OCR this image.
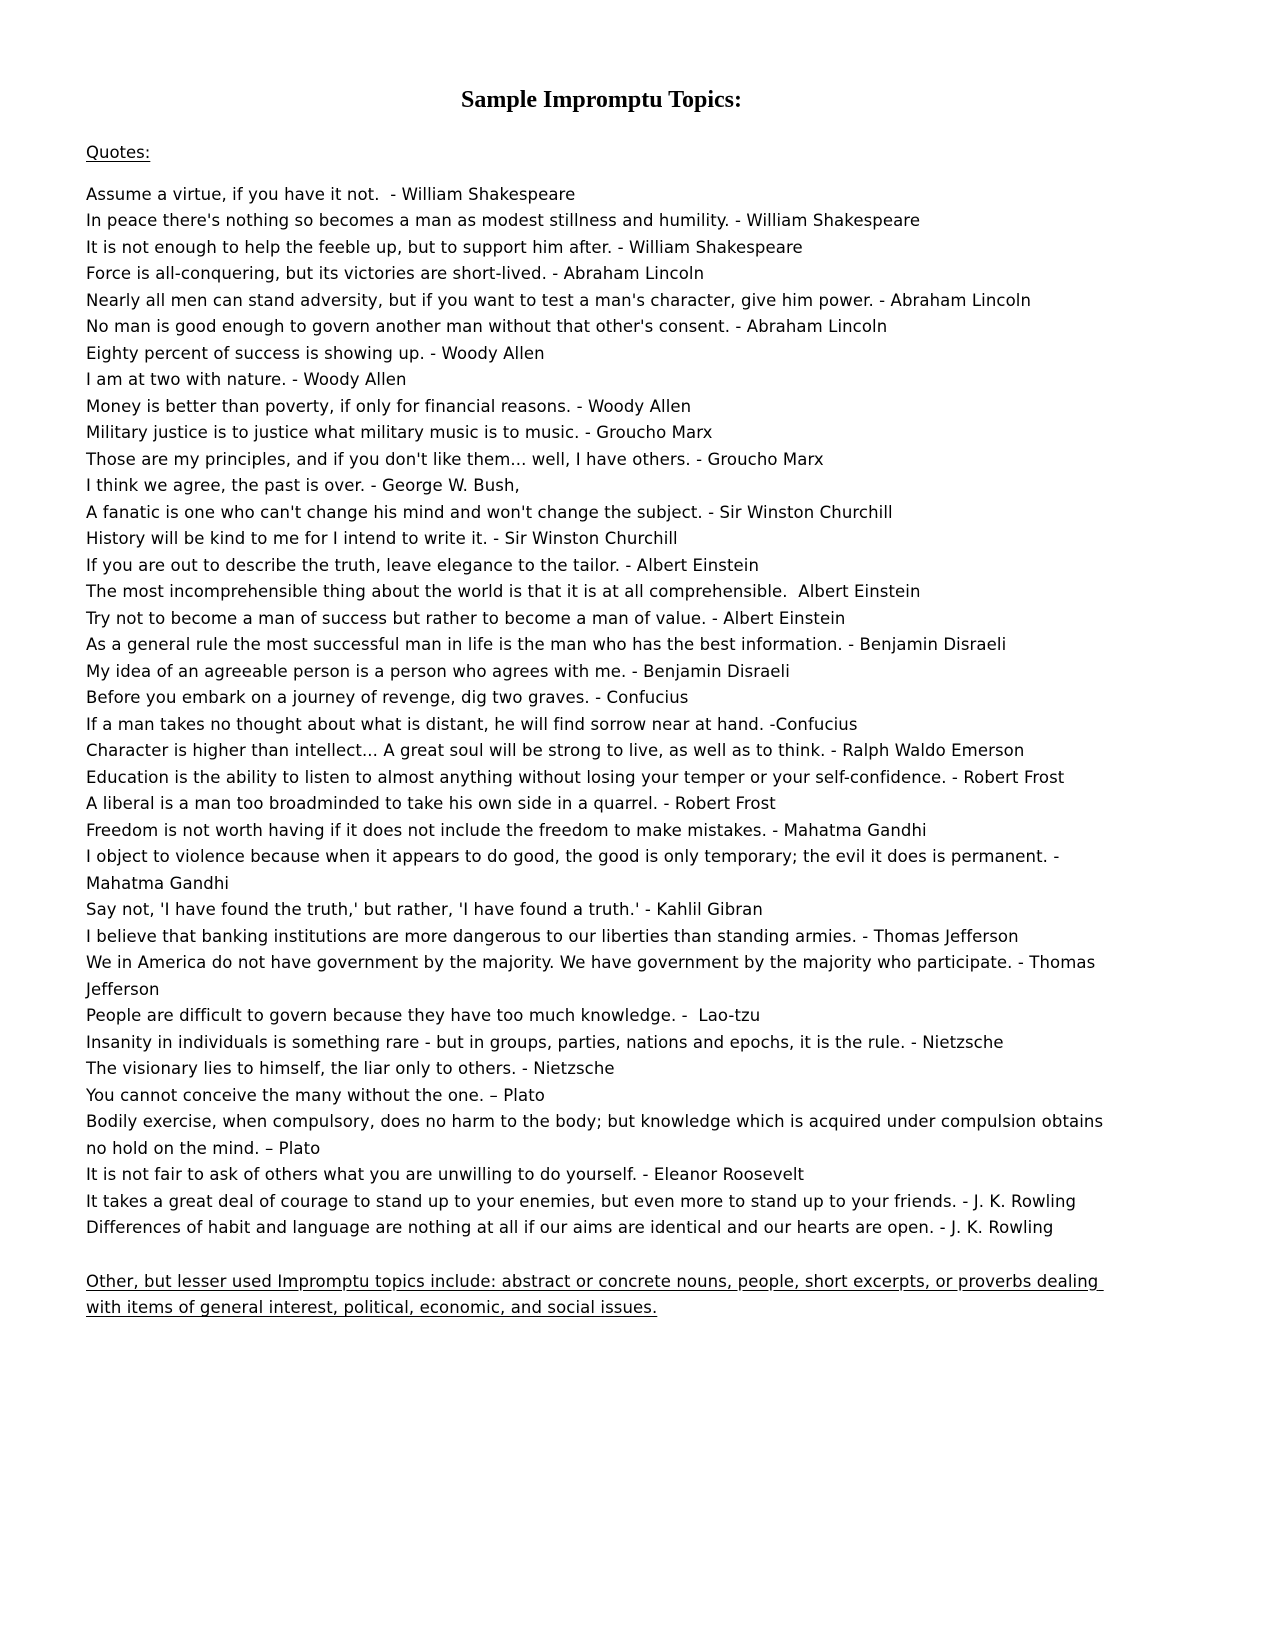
Sample Impromptu Topics:
Quotes:

Assume a virtue, if you have it not.  - William Shakespeare

In peace there's nothing so becomes a man as modest stillness and humility. - William Shakespeare

It is not enough to help the feeble up, but to support him after. - William Shakespeare

Force is all-conquering, but its victories are short-lived. - Abraham Lincoln

Nearly all men can stand adversity, but if you want to test a man's character, give him power. - Abraham Lincoln

No man is good enough to govern another man without that other's consent. - Abraham Lincoln

Eighty percent of success is showing up. - Woody Allen

I am at two with nature. - Woody Allen

Money is better than poverty, if only for financial reasons. - Woody Allen

Military justice is to justice what military music is to music. - Groucho Marx

Those are my principles, and if you don't like them... well, I have others. - Groucho Marx

I think we agree, the past is over. - George W. Bush,

A fanatic is one who can't change his mind and won't change the subject. - Sir Winston Churchill

History will be kind to me for I intend to write it. - Sir Winston Churchill

If you are out to describe the truth, leave elegance to the tailor. - Albert Einstein

The most incomprehensible thing about the world is that it is at all comprehensible.  Albert Einstein

Try not to become a man of success but rather to become a man of value. - Albert Einstein

As a general rule the most successful man in life is the man who has the best information. - Benjamin Disraeli

My idea of an agreeable person is a person who agrees with me. - Benjamin Disraeli

Before you embark on a journey of revenge, dig two graves. - Confucius

If a man takes no thought about what is distant, he will find sorrow near at hand. -Confucius

Character is higher than intellect... A great soul will be strong to live, as well as to think. - Ralph Waldo Emerson

Education is the ability to listen to almost anything without losing your temper or your self-confidence. - Robert Frost

A liberal is a man too broadminded to take his own side in a quarrel. - Robert Frost

Freedom is not worth having if it does not include the freedom to make mistakes. - Mahatma Gandhi

I object to violence because when it appears to do good, the good is only temporary; the evil it does is permanent. - Mahatma Gandhi

Say not, 'I have found the truth,' but rather, 'I have found a truth.' - Kahlil Gibran

I believe that banking institutions are more dangerous to our liberties than standing armies. - Thomas Jefferson

We in America do not have government by the majority. We have government by the majority who participate. - Thomas Jefferson

People are difficult to govern because they have too much knowledge. -  Lao-tzu

Insanity in individuals is something rare - but in groups, parties, nations and epochs, it is the rule. - Nietzsche

The visionary lies to himself, the liar only to others. - Nietzsche

You cannot conceive the many without the one. – Plato

Bodily exercise, when compulsory, does no harm to the body; but knowledge which is acquired under compulsion obtains no hold on the mind. – Plato

It is not fair to ask of others what you are unwilling to do yourself. - Eleanor Roosevelt

It takes a great deal of courage to stand up to your enemies, but even more to stand up to your friends. - J. K. Rowling

Differences of habit and language are nothing at all if our aims are identical and our hearts are open. - J. K. Rowling

Other, but lesser used Impromptu topics include: abstract or concrete nouns, people, short excerpts, or proverbs dealing with items of general interest, political, economic, and social issues.
